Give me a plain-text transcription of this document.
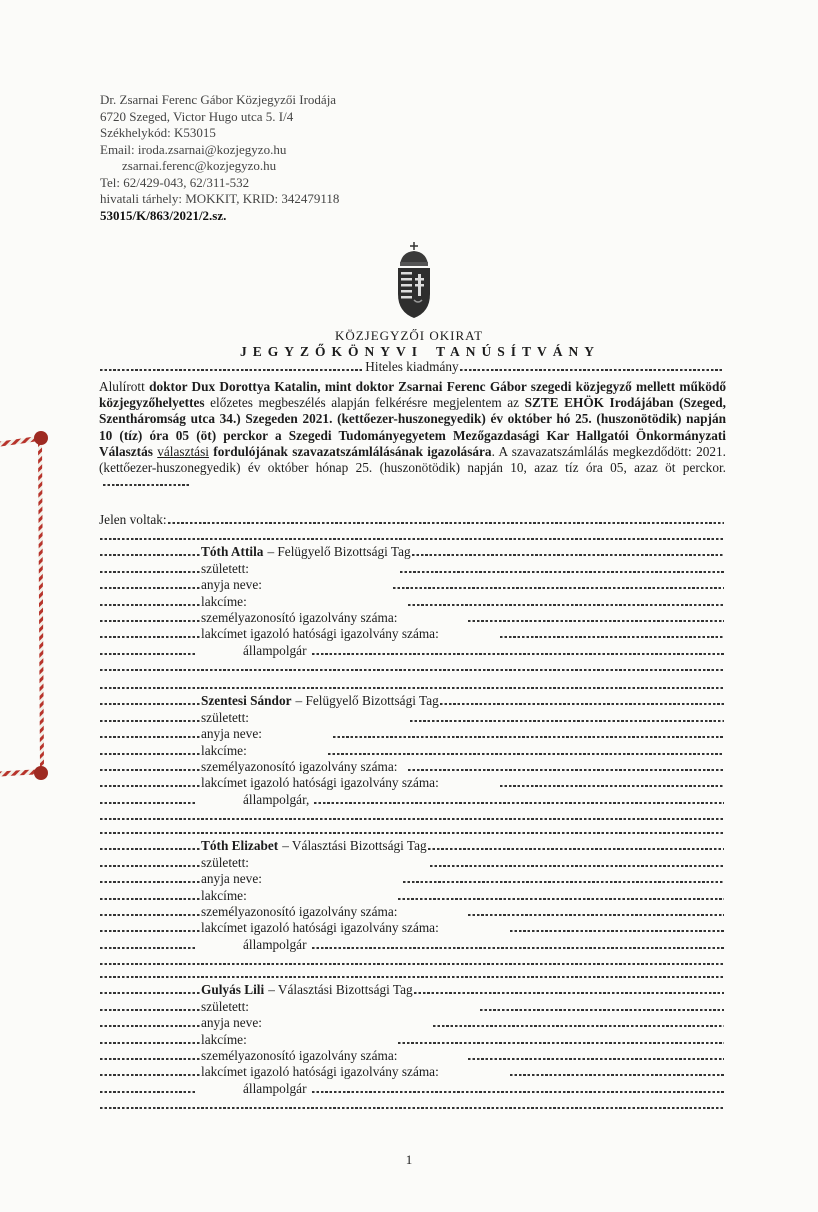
Dr. Zsarnai Ferenc Gábor Közjegyzői Irodája
6720 Szeged, Victor Hugo utca 5. I/4
Székhelykód: K53015
Email: iroda.zsarnai@kozjegyzo.hu
zsarnai.ferenc@kozjegyzo.hu
Tel: 62/429-043, 62/311-532
hivatali tárhely: MOKKIT, KRID: 342479118
53015/K/863/2021/2.sz.
KÖZJEGYZŐI OKIRAT
JEGYZŐKÖNYVI TANÚSÍTVÁNY
Hiteles kiadmány
Alulírott doktor Dux Dorottya Katalin, mint doktor Zsarnai Ferenc Gábor szegedi közjegyző mellett működő közjegyzőhelyettes előzetes megbeszélés alapján felkérésre megjelentem az SZTE EHÖK Irodájában (Szeged, Szentháromság utca 34.) Szegeden 2021. (kettőezer-huszonegyedik) év október hó 25. (huszonötödik) napján 10 (tíz) óra 05 (öt) perckor a Szegedi Tudományegyetem Mezőgazdasági Kar Hallgatói Önkormányzati Választás választási fordulójának szavazatszámlálásának igazolására. A szavazatszámlálás megkezdődött: 2021. (kettőezer-huszonegyedik) év október hónap 25. (huszonötödik) napján 10, azaz tíz óra 05, azaz öt perckor.
Jelen voltak:
Tóth Attila – Felügyelő Bizottsági Tag
született:
anyja neve:
lakcíme:
személyazonosító igazolvány száma:
lakcímet igazoló hatósági igazolvány száma:
állampolgár
Szentesi Sándor – Felügyelő Bizottsági Tag
született:
anyja neve:
lakcíme:
személyazonosító igazolvány száma:
lakcímet igazoló hatósági igazolvány száma:
állampolgár,
Tóth Elizabet – Választási Bizottsági Tag
született:
anyja neve:
lakcíme:
személyazonosító igazolvány száma:
lakcímet igazoló hatósági igazolvány száma:
állampolgár
Gulyás Lili – Választási Bizottsági Tag
született:
anyja neve:
lakcíme:
személyazonosító igazolvány száma:
lakcímet igazoló hatósági igazolvány száma:
állampolgár
1
